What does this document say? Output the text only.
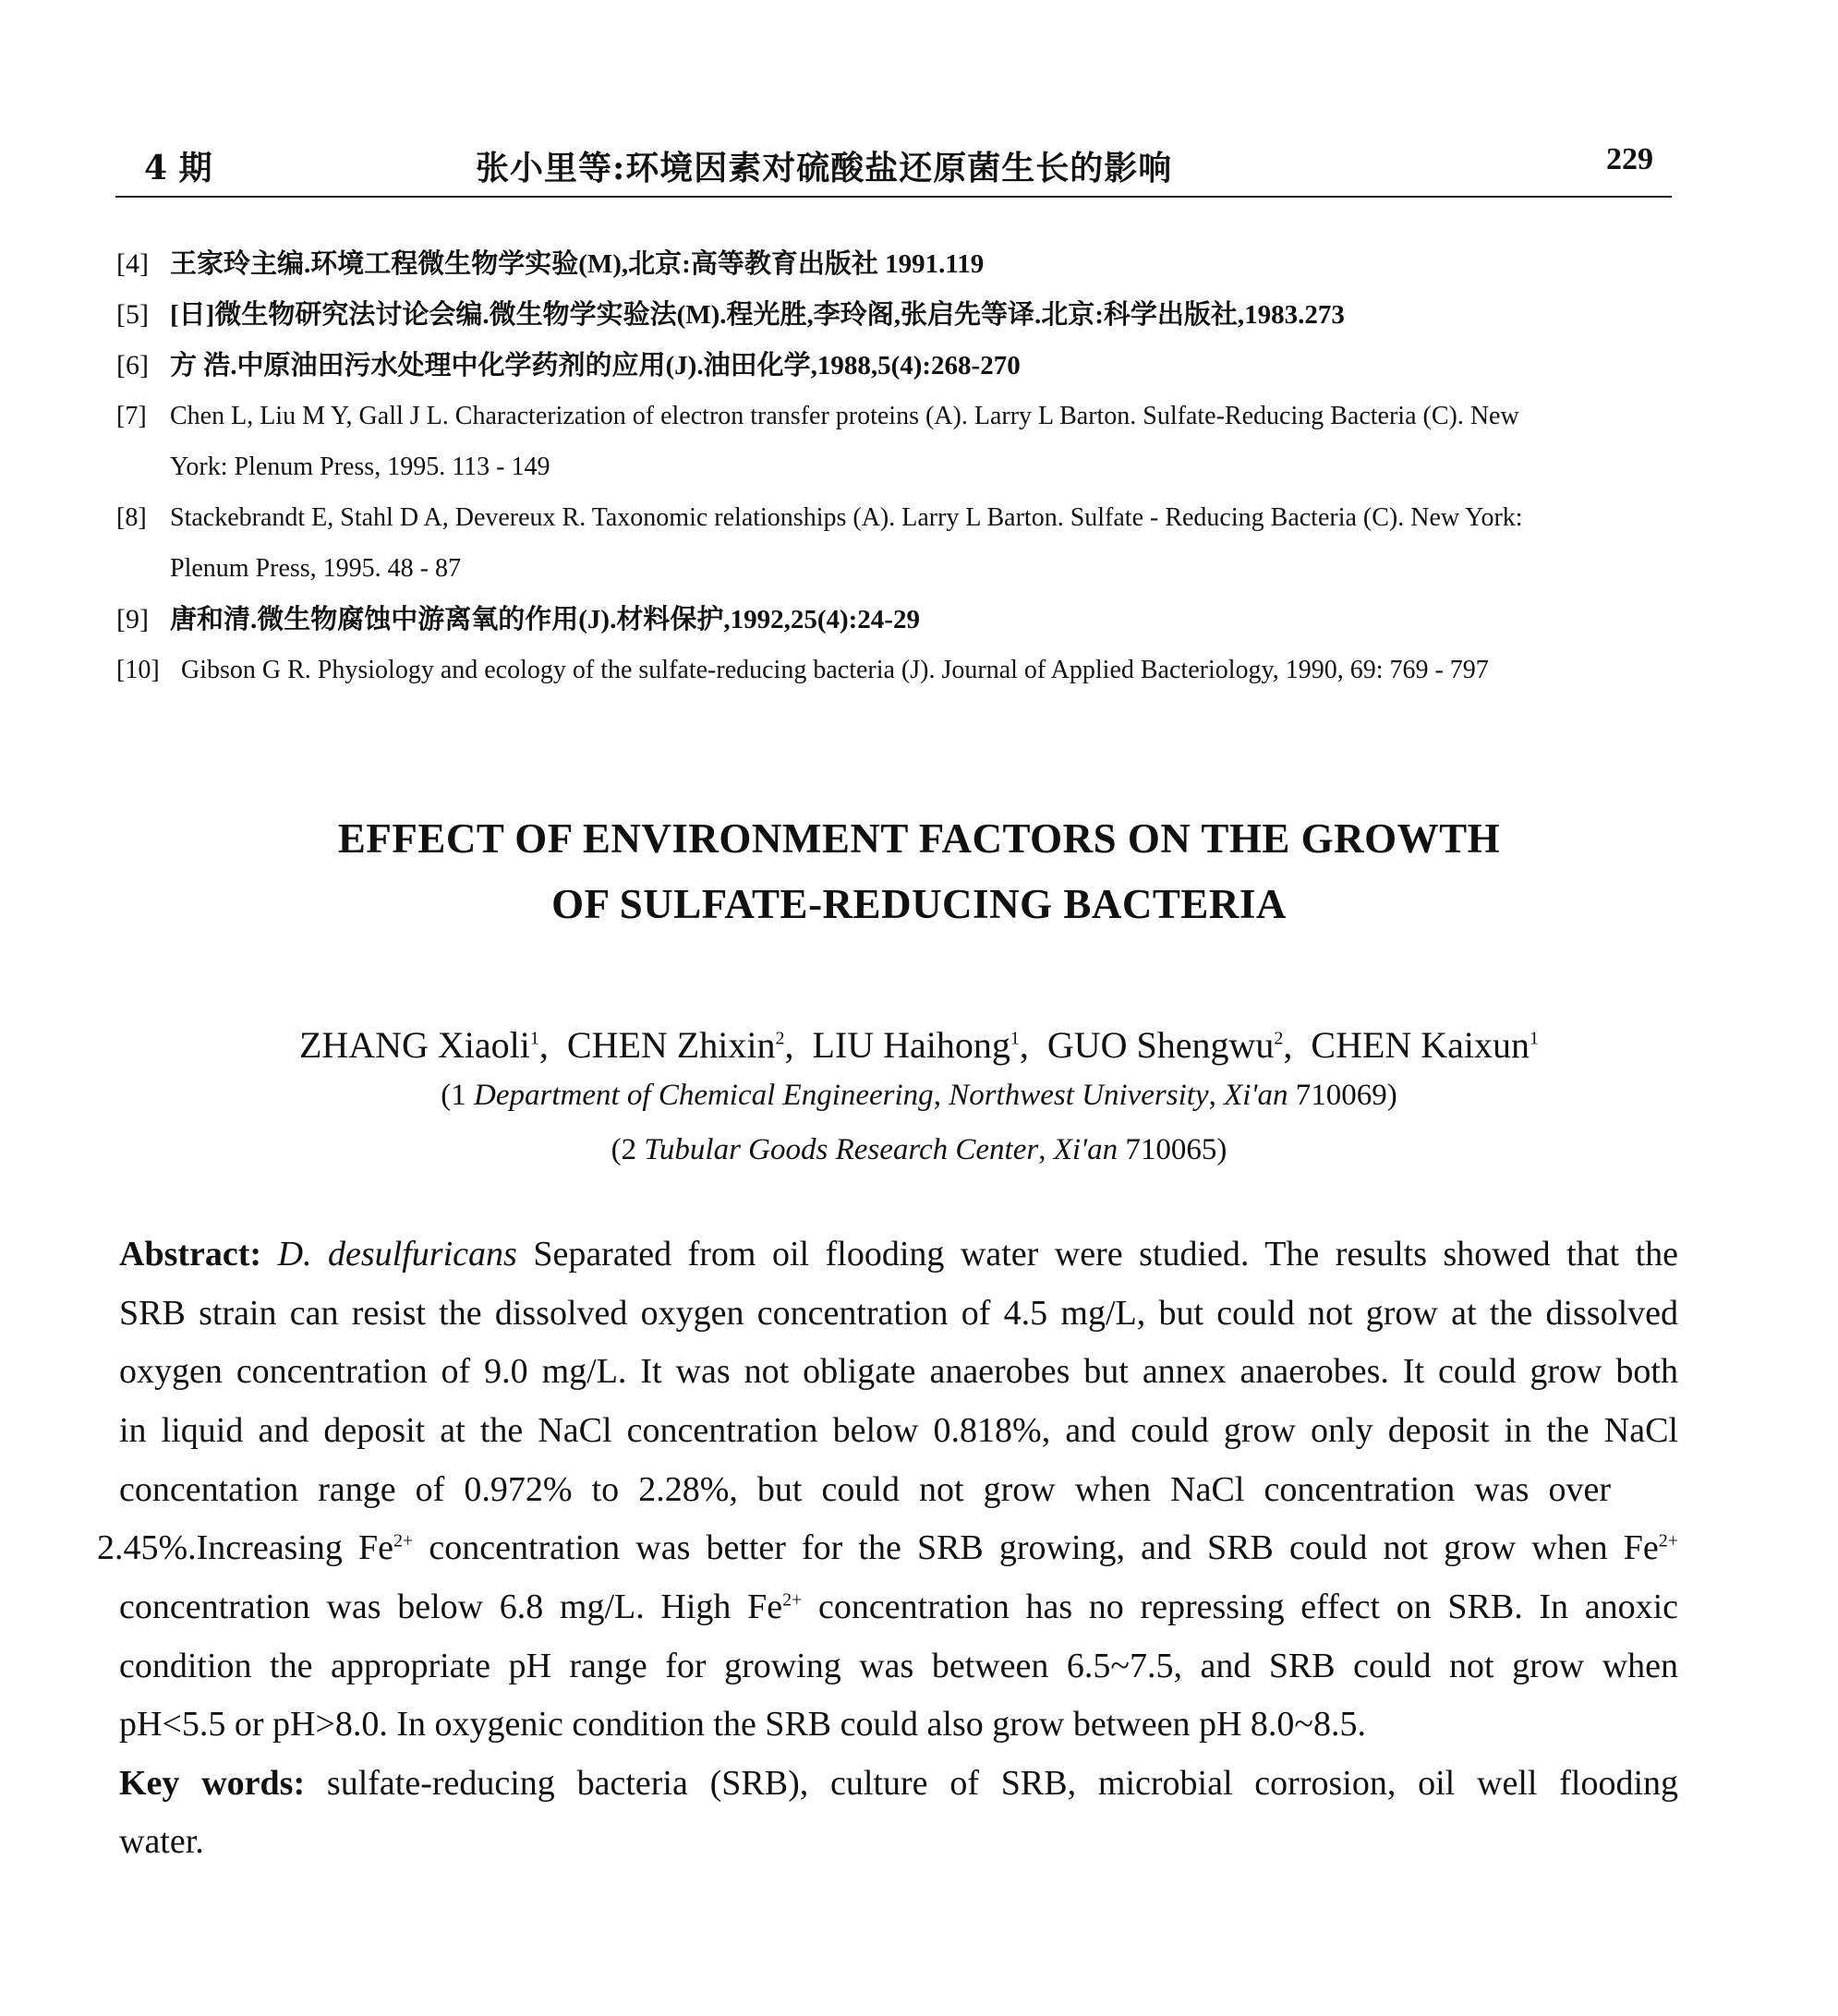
4 期	张小里等:环境因素对硫酸盐还原菌生长的影响	229
[4] 王家玲主编.环境工程微生物学实验(M),北京:高等教育出版社 1991.119
[5] [日]微生物研究法讨论会编.微生物学实验法(M).程光胜,李玲阁,张启先等译.北京:科学出版社,1983.273
[6] 方 浩.中原油田污水处理中化学药剂的应用(J).油田化学,1988,5(4):268-270
[7] Chen L, Liu M Y, Gall J L. Characterization of electron transfer proteins (A). Larry L Barton. Sulfate-Reducing Bacteria (C). New
York: Plenum Press, 1995. 113 - 149
[8] Stackebrandt E, Stahl D A, Devereux R. Taxonomic relationships (A). Larry L Barton. Sulfate - Reducing Bacteria (C). New York:
Plenum Press, 1995. 48 - 87
[9] 唐和清.微生物腐蚀中游离氧的作用(J).材料保护,1992,25(4):24-29
[10] Gibson G R. Physiology and ecology of the sulfate-reducing bacteria (J). Journal of Applied Bacteriology, 1990, 69: 769 - 797
EFFECT OF ENVIRONMENT FACTORS ON THE GROWTH
OF SULFATE-REDUCING BACTERIA
ZHANG Xiaoli$^1$,  CHEN Zhixin$^2$,  LIU Haihong$^1$,  GUO Shengwu$^2$,  CHEN Kaixun$^1$
(1 Department of Chemical Engineering, Northwest University, Xi'an 710069)
(2 Tubular Goods Research Center, Xi'an 710065)
Abstract: D. desulfuricans Separated from oil flooding water were studied. The results showed that the
SRB strain can resist the dissolved oxygen concentration of 4.5 mg/L, but could not grow at the dissolved
oxygen concentration of 9.0 mg/L. It was not obligate anaerobes but annex anaerobes. It could grow both
in liquid and deposit at the NaCl concentration below 0.818%, and could grow only deposit in the NaCl
concentation range of 0.972% to 2.28%, but could not grow when NaCl concentration was over
2.45%.Increasing $Fe^{2+}$ concentration was better for the SRB growing, and SRB could not grow when $Fe^{2+}$
concentration was below 6.8 mg/L. High $Fe^{2+}$ concentration has no repressing effect on SRB. In anoxic
condition the appropriate pH range for growing was between 6.5~7.5, and SRB could not grow when
pH<5.5 or pH>8.0. In oxygenic condition the SRB could also grow between pH 8.0~8.5.
Key words: sulfate-reducing bacteria (SRB), culture of SRB, microbial corrosion, oil well flooding
water.
